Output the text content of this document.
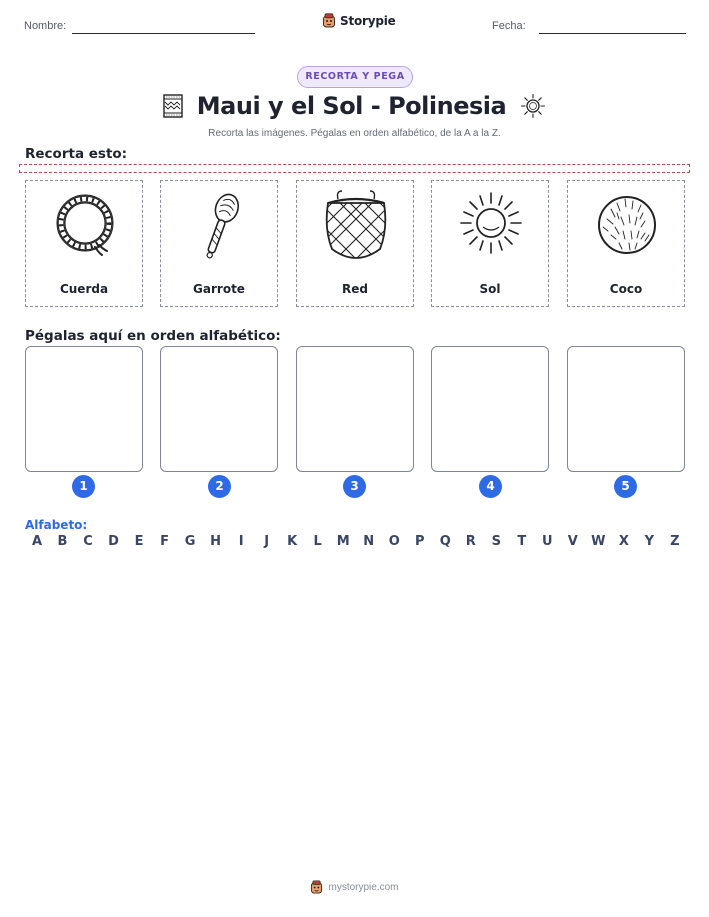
Nombre:	Storypie	Fecha:
RECORTA Y PEGA
Maui y el Sol - Polinesia
Recorta las imágenes. Pégalas en orden alfabético, de la A a la Z.
Recorta esto:
Cuerda	Garrote	Red	Sol	Coco
Pégalas aquí en orden alfabético:
1	2	3	4	5
Alfabeto:
A B C D E F G H	I	J	K L M N O P Q R S T U V W X Y Z
mystorypie.com
